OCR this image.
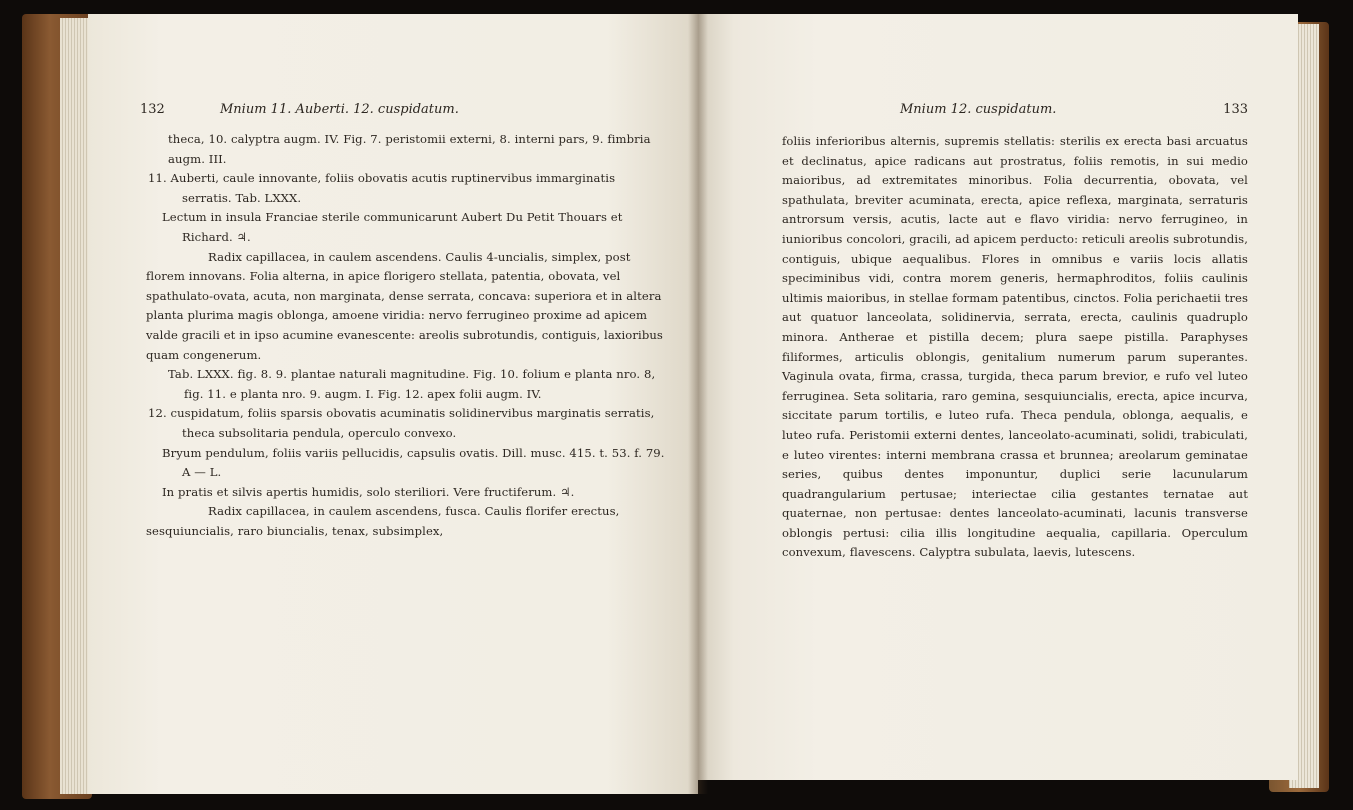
132	Mnium 11. Auberti. 12. cuspidatum.

theca, 10. calyptra augm. IV. Fig. 7. peristomii externi, 8. interni pars, 9. fimbria augm. III.

11. Auberti, caule innovante, foliis obovatis acutis ruptinervibus immarginatis serratis. Tab. LXXX.

Lectum in insula Franciae sterile communicarunt Aubert Du Petit Thouars et Richard. ♃.

Radix capillacea, in caulem ascendens. Caulis 4-uncialis, simplex, post florem innovans. Folia alterna, in apice florigero stellata, patentia, obovata, vel spathulato-ovata, acuta, non marginata, dense serrata, concava: superiora et in altera planta plurima magis oblonga, amoene viridia: nervo ferrugineo proxime ad apicem valde gracili et in ipso acumine evanescente: areolis subrotundis, contiguis, laxioribus quam congenerum.

Tab. LXXX. fig. 8. 9. plantae naturali magnitudine. Fig. 10. folium e planta nro. 8, fig. 11. e planta nro. 9. augm. I. Fig. 12. apex folii augm. IV.

12. cuspidatum, foliis sparsis obovatis acuminatis solidinervibus marginatis serratis, theca subsolitaria pendula, operculo convexo.

Bryum pendulum, foliis variis pellucidis, capsulis ovatis. Dill. musc. 415. t. 53. f. 79. A — L.

In pratis et silvis apertis humidis, solo steriliori. Vere fructiferum. ♃.

Radix capillacea, in caulem ascendens, fusca. Caulis florifer erectus, sesquiuncialis, raro biuncialis, tenax, subsimplex,

Mnium 12. cuspidatum.	133

foliis inferioribus alternis, supremis stellatis: sterilis ex erecta basi arcuatus et declinatus, apice radicans aut prostratus, foliis remotis, in sui medio maioribus, ad extremitates minoribus. Folia decurrentia, obovata, vel spathulata, breviter acuminata, erecta, apice reflexa, marginata, serraturis antrorsum versis, acutis, lacte aut e flavo viridia: nervo ferrugineo, in iunioribus concolori, gracili, ad apicem perducto: reticuli areolis subrotundis, contiguis, ubique aequalibus. Flores in omnibus e variis locis allatis speciminibus vidi, contra morem generis, hermaphroditos, foliis caulinis ultimis maioribus, in stellae formam patentibus, cinctos. Folia perichaetii tres aut quatuor lanceolata, solidinervia, serrata, erecta, caulinis quadruplo minora. Antherae et pistilla decem; plura saepe pistilla. Paraphyses filiformes, articulis oblongis, genitalium numerum parum superantes. Vaginula ovata, firma, crassa, turgida, theca parum brevior, e rufo vel luteo ferruginea. Seta solitaria, raro gemina, sesquiuncialis, erecta, apice incurva, siccitate parum tortilis, e luteo rufa. Theca pendula, oblonga, aequalis, e luteo rufa. Peristomii externi dentes, lanceolato-acuminati, solidi, trabiculati, e luteo virentes: interni membrana crassa et brunnea; areolarum geminatae series, quibus dentes imponuntur, duplici serie lacunularum quadrangularium pertusae; interiectae cilia gestantes ternatae aut quaternae, non pertusae: dentes lanceolato-acuminati, lacunis transverse oblongis pertusi: cilia illis longitudine aequalia, capillaria. Operculum convexum, flavescens. Calyptra subulata, laevis, lutescens.
